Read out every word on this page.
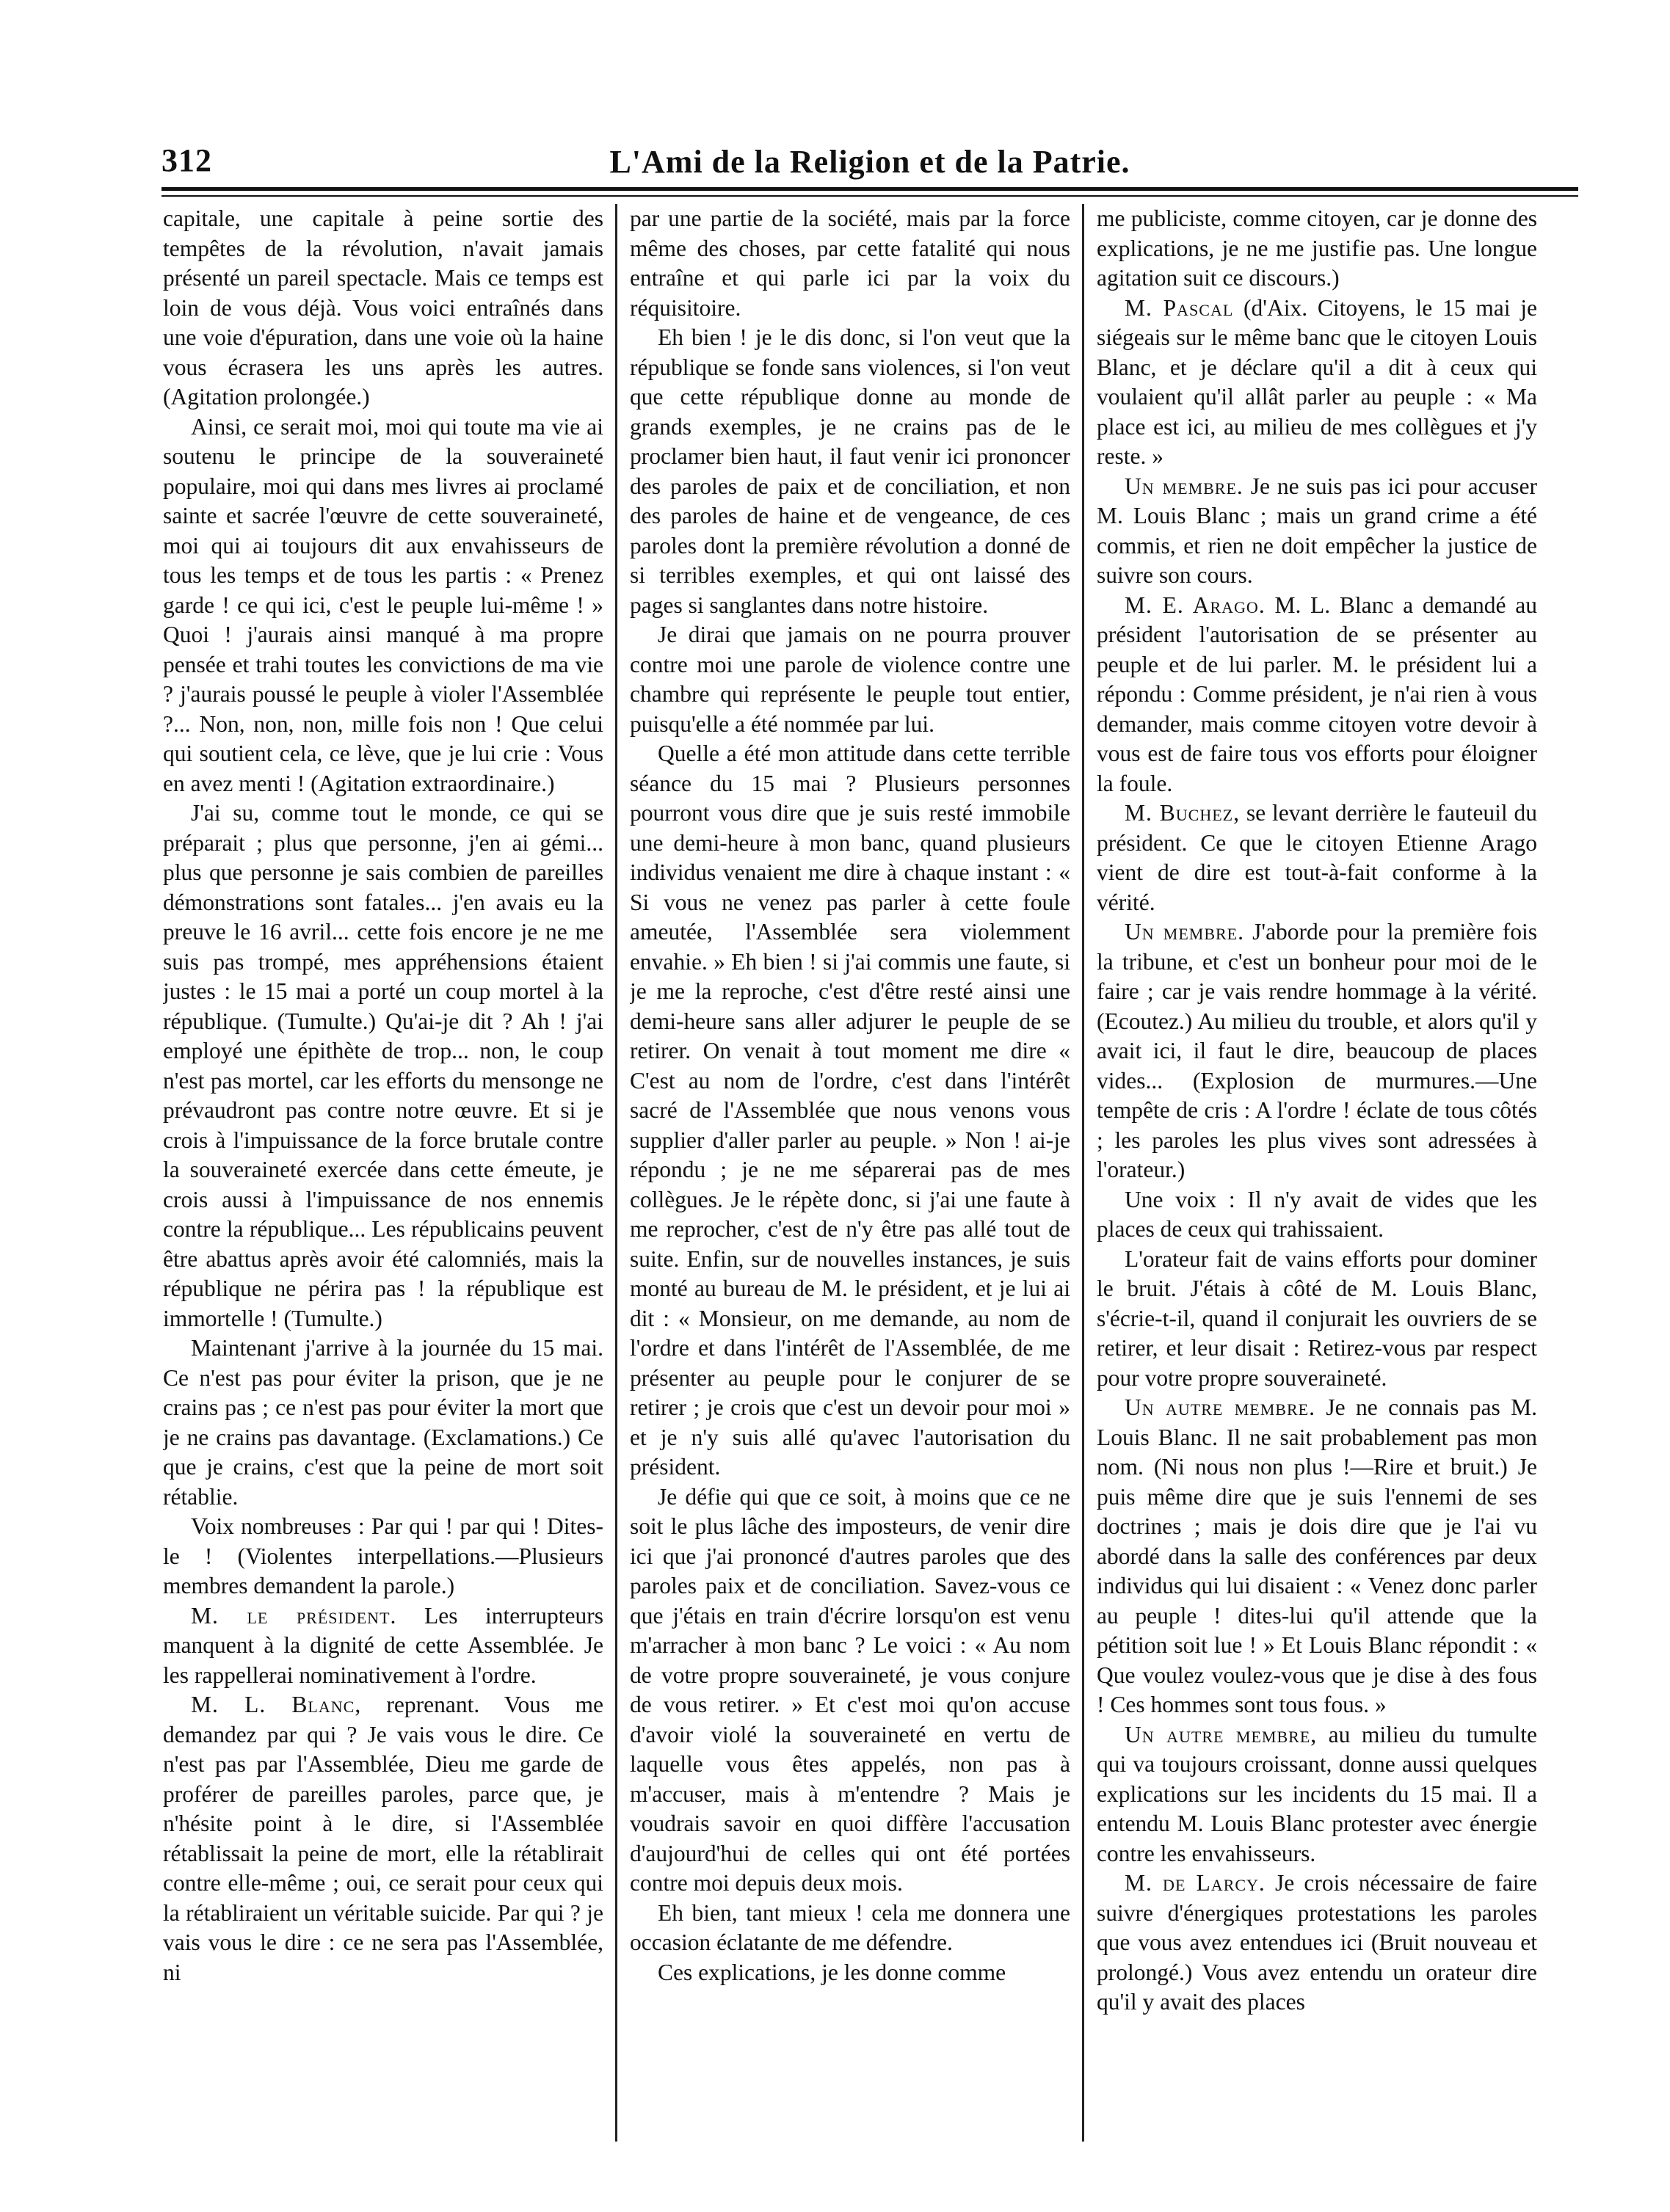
312	L'Ami de la Religion et de la Patrie.

capitale, une capitale à peine sortie des tempêtes de la révolution, n'avait jamais présenté un pareil spectacle. Mais ce temps est loin de vous déjà. Vous voici entraînés dans une voie d'épuration, dans une voie où la haine vous écrasera les uns après les autres. (Agitation prolongée.)

Ainsi, ce serait moi, moi qui toute ma vie ai soutenu le principe de la souveraineté populaire, moi qui dans mes livres ai proclamé sainte et sacrée l'œuvre de cette souveraineté, moi qui ai toujours dit aux envahisseurs de tous les temps et de tous les partis : « Prenez garde ! ce qui ici, c'est le peuple lui-même ! » Quoi ! j'aurais ainsi manqué à ma propre pensée et trahi toutes les convictions de ma vie ? j'aurais poussé le peuple à violer l'Assemblée ?... Non, non, non, mille fois non ! Que celui qui soutient cela, ce lève, que je lui crie : Vous en avez menti ! (Agitation extraordinaire.)

J'ai su, comme tout le monde, ce qui se préparait ; plus que personne, j'en ai gémi... plus que personne je sais combien de pareilles démonstrations sont fatales... j'en avais eu la preuve le 16 avril... cette fois encore je ne me suis pas trompé, mes appréhensions étaient justes : le 15 mai a porté un coup mortel à la république. (Tumulte.) Qu'ai-je dit ? Ah ! j'ai employé une épithète de trop... non, le coup n'est pas mortel, car les efforts du mensonge ne prévaudront pas contre notre œuvre. Et si je crois à l'impuissance de la force brutale contre la souveraineté exercée dans cette émeute, je crois aussi à l'impuissance de nos ennemis contre la république... Les républicains peuvent être abattus après avoir été calomniés, mais la république ne périra pas ! la république est immortelle ! (Tumulte.)

Maintenant j'arrive à la journée du 15 mai. Ce n'est pas pour éviter la prison, que je ne crains pas ; ce n'est pas pour éviter la mort que je ne crains pas davantage. (Exclamations.) Ce que je crains, c'est que la peine de mort soit rétablie.

Voix nombreuses : Par qui ! par qui ! Dites-le ! (Violentes interpellations.—Plusieurs membres demandent la parole.)

M. le président. Les interrupteurs manquent à la dignité de cette Assemblée. Je les rappellerai nominativement à l'ordre.

M. L. Blanc, reprenant. Vous me demandez par qui ? Je vais vous le dire. Ce n'est pas par l'Assemblée, Dieu me garde de proférer de pareilles paroles, parce que, je n'hésite point à le dire, si l'Assemblée rétablissait la peine de mort, elle la rétablirait contre elle-même ; oui, ce serait pour ceux qui la rétabliraient un véritable suicide. Par qui ? je vais vous le dire : ce ne sera pas l'Assemblée, ni

par une partie de la société, mais par la force même des choses, par cette fatalité qui nous entraîne et qui parle ici par la voix du réquisitoire.

Eh bien ! je le dis donc, si l'on veut que la république se fonde sans violences, si l'on veut que cette république donne au monde de grands exemples, je ne crains pas de le proclamer bien haut, il faut venir ici prononcer des paroles de paix et de conciliation, et non des paroles de haine et de vengeance, de ces paroles dont la première révolution a donné de si terribles exemples, et qui ont laissé des pages si sanglantes dans notre histoire.

Je dirai que jamais on ne pourra prouver contre moi une parole de violence contre une chambre qui représente le peuple tout entier, puisqu'elle a été nommée par lui.

Quelle a été mon attitude dans cette terrible séance du 15 mai ? Plusieurs personnes pourront vous dire que je suis resté immobile une demi-heure à mon banc, quand plusieurs individus venaient me dire à chaque instant : « Si vous ne venez pas parler à cette foule ameutée, l'Assemblée sera violemment envahie. » Eh bien ! si j'ai commis une faute, si je me la reproche, c'est d'être resté ainsi une demi-heure sans aller adjurer le peuple de se retirer. On venait à tout moment me dire « C'est au nom de l'ordre, c'est dans l'intérêt sacré de l'Assemblée que nous venons vous supplier d'aller parler au peuple. » Non ! ai-je répondu ; je ne me séparerai pas de mes collègues. Je le répète donc, si j'ai une faute à me reprocher, c'est de n'y être pas allé tout de suite. Enfin, sur de nouvelles instances, je suis monté au bureau de M. le président, et je lui ai dit : « Monsieur, on me demande, au nom de l'ordre et dans l'intérêt de l'Assemblée, de me présenter au peuple pour le conjurer de se retirer ; je crois que c'est un devoir pour moi » et je n'y suis allé qu'avec l'autorisation du président.

Je défie qui que ce soit, à moins que ce ne soit le plus lâche des imposteurs, de venir dire ici que j'ai prononcé d'autres paroles que des paroles paix et de conciliation. Savez-vous ce que j'étais en train d'écrire lorsqu'on est venu m'arracher à mon banc ? Le voici : « Au nom de votre propre souveraineté, je vous conjure de vous retirer. » Et c'est moi qu'on accuse d'avoir violé la souveraineté en vertu de laquelle vous êtes appelés, non pas à m'accuser, mais à m'entendre ? Mais je voudrais savoir en quoi diffère l'accusation d'aujourd'hui de celles qui ont été portées contre moi depuis deux mois.

Eh bien, tant mieux ! cela me donnera une occasion éclatante de me défendre.

Ces explications, je les donne comme

me publiciste, comme citoyen, car je donne des explications, je ne me justifie pas. Une longue agitation suit ce discours.)

M. Pascal (d'Aix. Citoyens, le 15 mai je siégeais sur le même banc que le citoyen Louis Blanc, et je déclare qu'il a dit à ceux qui voulaient qu'il allât parler au peuple : « Ma place est ici, au milieu de mes collègues et j'y reste. »

Un membre. Je ne suis pas ici pour accuser M. Louis Blanc ; mais un grand crime a été commis, et rien ne doit empêcher la justice de suivre son cours.

M. E. Arago. M. L. Blanc a demandé au président l'autorisation de se présenter au peuple et de lui parler. M. le président lui a répondu : Comme président, je n'ai rien à vous demander, mais comme citoyen votre devoir à vous est de faire tous vos efforts pour éloigner la foule.

M. Buchez, se levant derrière le fauteuil du président. Ce que le citoyen Etienne Arago vient de dire est tout-à-fait conforme à la vérité.

Un membre. J'aborde pour la première fois la tribune, et c'est un bonheur pour moi de le faire ; car je vais rendre hommage à la vérité. (Ecoutez.) Au milieu du trouble, et alors qu'il y avait ici, il faut le dire, beaucoup de places vides... (Explosion de murmures.—Une tempête de cris : A l'ordre ! éclate de tous côtés ; les paroles les plus vives sont adressées à l'orateur.)

Une voix : Il n'y avait de vides que les places de ceux qui trahissaient.

L'orateur fait de vains efforts pour dominer le bruit. J'étais à côté de M. Louis Blanc, s'écrie-t-il, quand il conjurait les ouvriers de se retirer, et leur disait : Retirez-vous par respect pour votre propre souveraineté.

Un autre membre. Je ne connais pas M. Louis Blanc. Il ne sait probablement pas mon nom. (Ni nous non plus !—Rire et bruit.) Je puis même dire que je suis l'ennemi de ses doctrines ; mais je dois dire que je l'ai vu abordé dans la salle des conférences par deux individus qui lui disaient : « Venez donc parler au peuple ! dites-lui qu'il attende que la pétition soit lue ! » Et Louis Blanc répondit : « Que voulez voulez-vous que je dise à des fous ! Ces hommes sont tous fous. »

Un autre membre, au milieu du tumulte qui va toujours croissant, donne aussi quelques explications sur les incidents du 15 mai. Il a entendu M. Louis Blanc protester avec énergie contre les envahisseurs.

M. de Larcy. Je crois nécessaire de faire suivre d'énergiques protestations les paroles que vous avez entendues ici (Bruit nouveau et prolongé.) Vous avez entendu un orateur dire qu'il y avait des places
